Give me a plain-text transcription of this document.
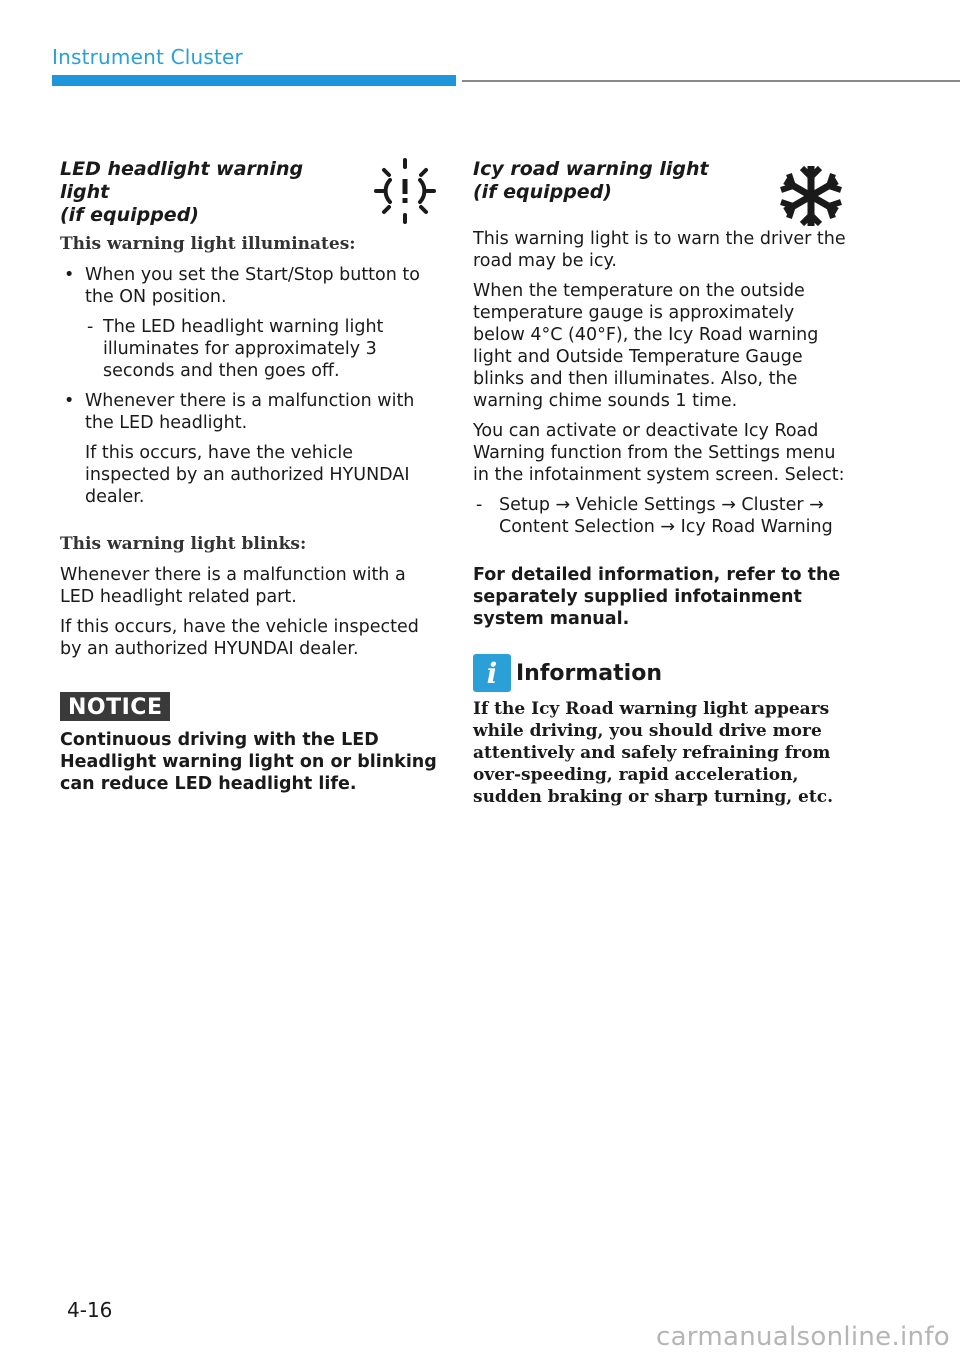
Instrument Cluster
LED headlight warning light
(if equipped)
This warning light illuminates:
• When you set the Start/Stop button to the ON position.
- The LED headlight warning light illuminates for approximately 3 seconds and then goes off.
• Whenever there is a malfunction with the LED headlight.
If this occurs, have the vehicle inspected by an authorized HYUNDAI dealer.
This warning light blinks:

Whenever there is a malfunction with a LED headlight related part.

If this occurs, have the vehicle inspected by an authorized HYUNDAI dealer.

NOTICE
Continuous driving with the LED Headlight warning light on or blinking can reduce LED headlight life.
Icy road warning light
(if equipped)

This warning light is to warn the driver the road may be icy.

When the temperature on the outside temperature gauge is approximately below 4°C (40°F), the Icy Road warning light and Outside Temperature Gauge blinks and then illuminates. Also, the warning chime sounds 1 time.

You can activate or deactivate Icy Road Warning function from the Settings menu in the infotainment system screen. Select:

- Setup → Vehicle Settings → Cluster → Content Selection → Icy Road Warning

For detailed information, refer to the separately supplied infotainment system manual.

i Information
If the Icy Road warning light appears while driving, you should drive more attentively and safely refraining from over-speeding, rapid acceleration, sudden braking or sharp turning, etc.
4-16
carmanualsonline.info
